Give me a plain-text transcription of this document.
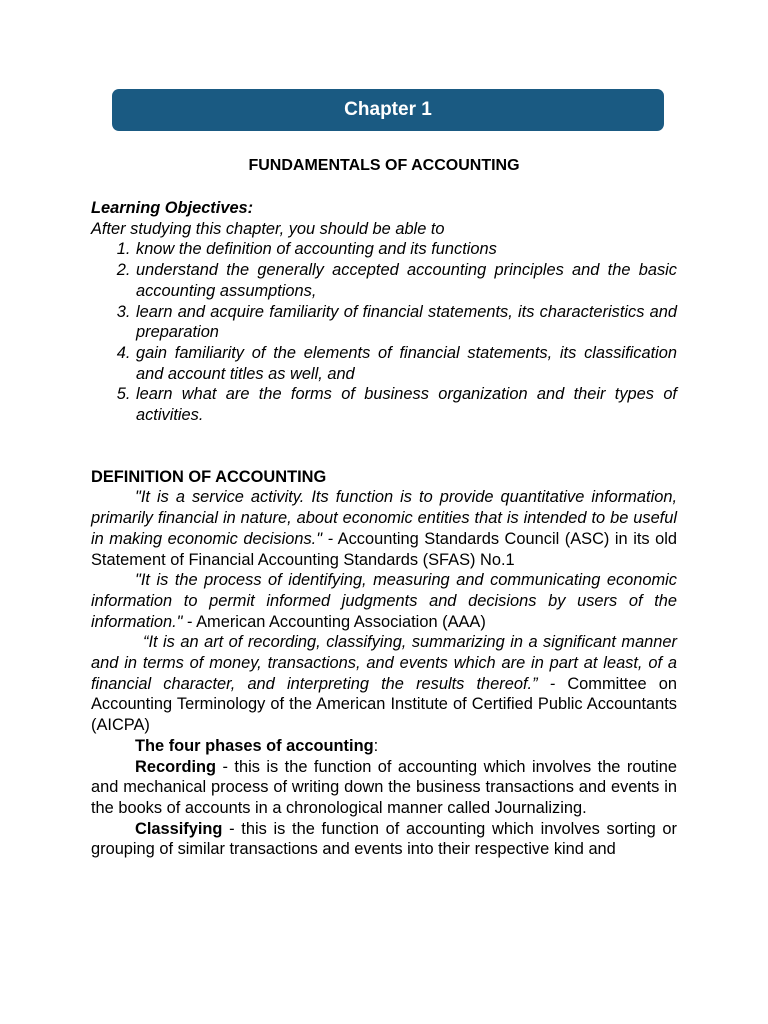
Chapter 1
FUNDAMENTALS OF ACCOUNTING
Learning Objectives:
After studying this chapter, you should be able to
1. know the definition of accounting and its functions
2. understand the generally accepted accounting principles and the basic accounting assumptions,
3. learn and acquire familiarity of financial statements, its characteristics and preparation
4. gain familiarity of the elements of financial statements, its classification and account titles as well, and
5. learn what are the forms of business organization and their types of activities.
DEFINITION OF ACCOUNTING

"It is a service activity. Its function is to provide quantitative information, primarily financial in nature, about economic entities that is intended to be useful in making economic decisions." - Accounting Standards Council (ASC) in its old Statement of Financial Accounting Standards (SFAS) No.1

"It is the process of identifying, measuring and communicating economic information to permit informed judgments and decisions by users of the information." - American Accounting Association (AAA)

“It is an art of recording, classifying, summarizing in a significant manner and in terms of money, transactions, and events which are in part at least, of a financial character, and interpreting the results thereof.” - Committee on Accounting Terminology of the American Institute of Certified Public Accountants (AICPA)

The four phases of accounting:

Recording - this is the function of accounting which involves the routine and mechanical process of writing down the business transactions and events in the books of accounts in a chronological manner called Journalizing.

Classifying - this is the function of accounting which involves sorting or grouping of similar transactions and events into their respective kind and
